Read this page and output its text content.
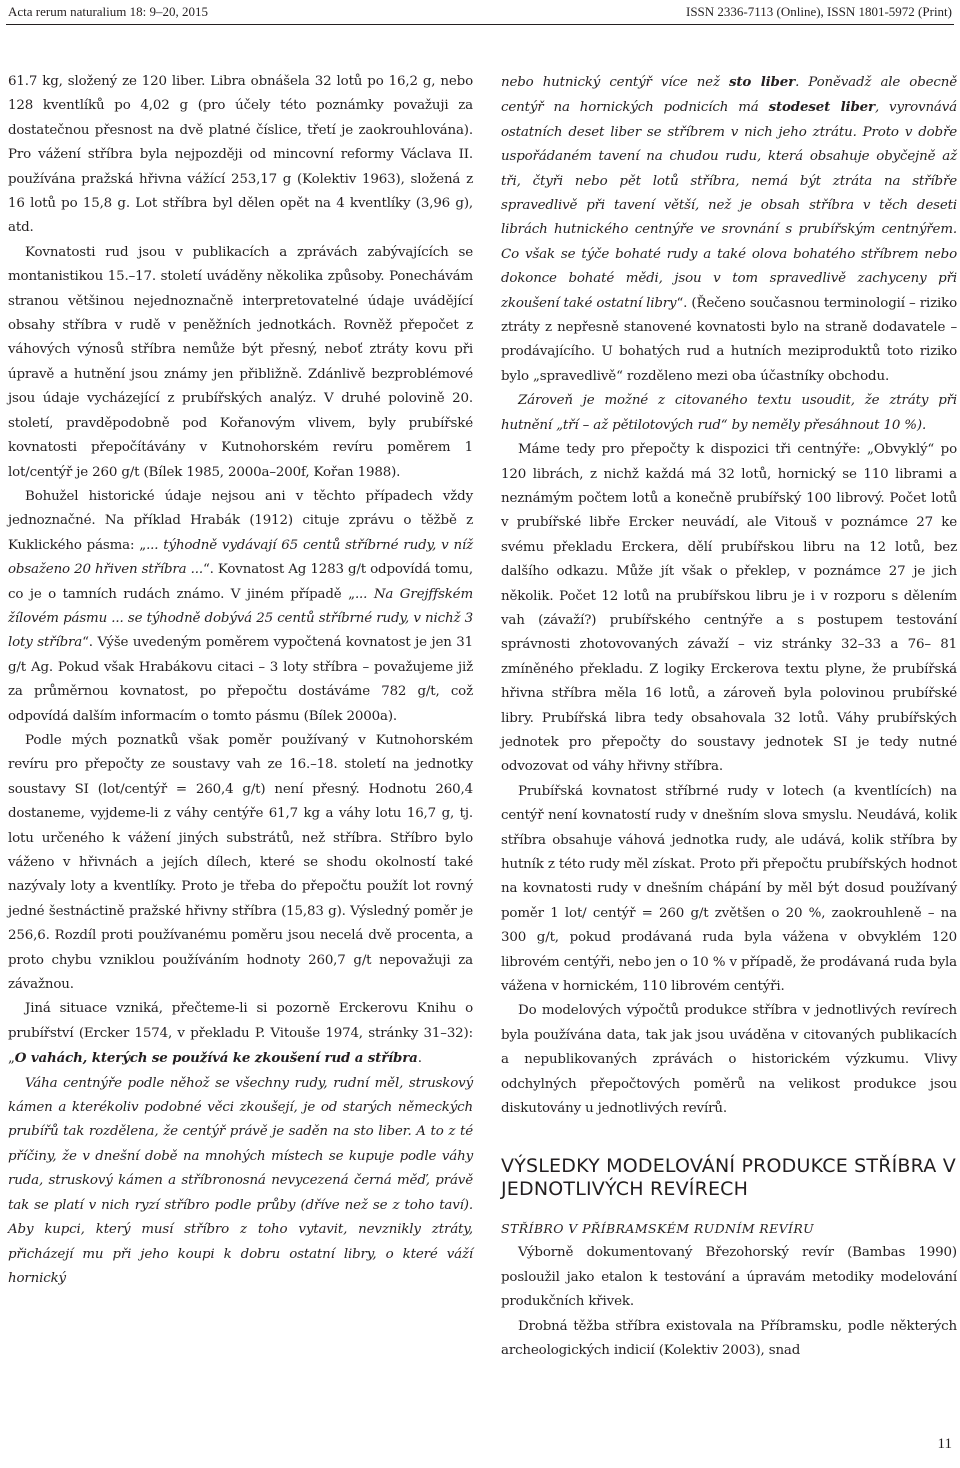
Acta rerum naturalium 18: 9–20, 2015	ISSN 2336-7113 (Online), ISSN 1801-5972 (Print)

61.7 kg, složený ze 120 liber. Libra obnášela 32 lotů po 16,2 g, nebo 128 kventlíků po 4,02 g (pro účely této poznámky považuji za dostatečnou přesnost na dvě platné číslice, třetí je zaokrouhlována). Pro vážení stříbra byla nejpozději od mincovní reformy Václava II. používána pražská hřivna vážící 253,17 g (Kolektiv 1963), složená z 16 lotů po 15,8 g. Lot stříbra byl dělen opět na 4 kventlíky (3,96 g), atd.

Kovnatosti rud jsou v publikacích a zprávách zabývajících se montanistikou 15.–17. století uváděny několika způsoby. Ponechávám stranou většinou nejednoznačně interpretovatelné údaje uvádějící obsahy stříbra v rudě v peněžních jednotkách. Rovněž přepočet z váhových výnosů stříbra nemůže být přesný, neboť ztráty kovu při úpravě a hutnění jsou známy jen přibližně. Zdánlivě bezproblémové jsou údaje vycházející z prubířských analýz. V druhé polovině 20. století, pravděpodobně pod Kořanovým vlivem, byly prubířské kovnatosti přepočítávány v Kutnohorském revíru poměrem 1 lot/centýř je 260 g/t (Bílek 1985, 2000a–200f, Kořan 1988).

Bohužel historické údaje nejsou ani v těchto případech vždy jednoznačné. Na příklad Hrabák (1912) cituje zprávu o těžbě z Kuklického pásma: „... týhodně vydávají 65 centů stříbrné rudy, v níž obsaženo 20 hřiven stříbra ...“. Kovnatost Ag 1283 g/t odpovídá tomu, co je o tamních rudách známo. V jiném případě „... Na Grejffském žílovém pásmu ... se týhodně dobývá 25 centů stříbrné rudy, v nichž 3 loty stříbra“. Výše uvedeným poměrem vypočtená kovnatost je jen 31 g/t Ag. Pokud však Hrabákovu citaci – 3 loty stříbra – považujeme již za průměrnou kovnatost, po přepočtu dostáváme 782 g/t, což odpovídá dalším informacím o tomto pásmu (Bílek 2000a).

Podle mých poznatků však poměr používaný v Kutnohorském revíru pro přepočty ze soustavy vah ze 16.–18. století na jednotky soustavy SI (lot/centýř = 260,4 g/t) není přesný. Hodnotu 260,4 dostaneme, vyjdeme-li z váhy centýře 61,7 kg a váhy lotu 16,7 g, tj. lotu určeného k vážení jiných substrátů, než stříbra. Stříbro bylo váženo v hřivnách a jejích dílech, které se shodu okolností také nazývaly loty a kventlíky. Proto je třeba do přepočtu použít lot rovný jedné šestnáctině pražské hřivny stříbra (15,83 g). Výsledný poměr je 256,6. Rozdíl proti používanému poměru jsou necelá dvě procenta, a proto chybu vzniklou používáním hodnoty 260,7 g/t nepovažuji za závažnou.

Jiná situace vzniká, přečteme-li si pozorně Erckerovu Knihu o prubířství (Ercker 1574, v překladu P. Vitouše 1974, stránky 31–32): „O vahách, kterých se používá ke zkoušení rud a stříbra.

Váha centnýře podle něhož se všechny rudy, rudní měl, struskový kámen a kterékoliv podobné věci zkoušejí, je od starých německých prubířů tak rozdělena, že centýř právě je saděn na sto liber. A to z té příčiny, že v dnešní době na mnohých místech se kupuje podle váhy ruda, struskový kámen a stříbronosná nevycezená černá měď, právě tak se platí v nich ryzí stříbro podle průby (dříve než se z toho taví). Aby kupci, který musí stříbro z toho vytavit, nevznikly ztráty, přicházejí mu při jeho koupi k dobru ostatní libry, o které váží hornický

nebo hutnický centýř více než sto liber. Poněvadž ale obecně centýř na hornických podnicích má stodeset liber, vyrovnává ostatních deset liber se stříbrem v nich jeho ztrátu. Proto v dobře uspořádaném tavení na chudou rudu, která obsahuje obyčejně až tři, čtyři nebo pět lotů stříbra, nemá být ztráta na stříbře spravedlivě při tavení větší, než je obsah stříbra v těch deseti librách hutnického centnýře ve srovnání s prubířským centnýřem. Co však se týče bohaté rudy a také olova bohatého stříbrem nebo dokonce bohaté mědi, jsou v tom spravedlivě zachyceny při zkoušení také ostatní libry“. (Řečeno současnou terminologií – riziko ztráty z nepřesně stanovené kovnatosti bylo na straně dodavatele – prodávajícího. U bohatých rud a hutních meziproduktů toto riziko bylo „spravedlivě“ rozděleno mezi oba účastníky obchodu.

Zároveň je možné z citovaného textu usoudit, že ztráty při hutnění „tří – až pětilotových rud“ by neměly přesáhnout 10 %).

Máme tedy pro přepočty k dispozici tři centnýře: „Obvyklý“ po 120 librách, z nichž každá má 32 lotů, hornický se 110 librami a neznámým počtem lotů a konečně prubířský 100 librový. Počet lotů v prubířské libře Ercker neuvádí, ale Vitouš v poznámce 27 ke svému překladu Erckera, dělí prubířskou libru na 12 lotů, bez dalšího odkazu. Může jít však o překlep, v poznámce 27 je jich několik. Počet 12 lotů na prubířskou libru je i v rozporu s dělením vah (závaží?) prubířského centnýře a s postupem testování správnosti zhotovovaných závaží – viz stránky 32–33 a 76– 81 zmíněného překladu. Z logiky Erckerova textu plyne, že prubířská hřivna stříbra měla 16 lotů, a zároveň byla polovinou prubířské libry. Prubířská libra tedy obsahovala 32 lotů. Váhy prubířských jednotek pro přepočty do soustavy jednotek SI je tedy nutné odvozovat od váhy hřivny stříbra.

Prubířská kovnatost stříbrné rudy v lotech (a kventlících) na centýř není kovnatostí rudy v dnešním slova smyslu. Neudává, kolik stříbra obsahuje váhová jednotka rudy, ale udává, kolik stříbra by hutník z této rudy měl získat. Proto při přepočtu prubířských hodnot na kovnatosti rudy v dnešním chápání by měl být dosud používaný poměr 1 lot/ centýř = 260 g/t zvětšen o 20 %, zaokrouhleně – na 300 g/t, pokud prodávaná ruda byla vážena v obvyklém 120 librovém centýři, nebo jen o 10 % v případě, že prodávaná ruda byla vážena v hornickém, 110 librovém centýři.

Do modelových výpočtů produkce stříbra v jednotlivých revírech byla používána data, tak jak jsou uváděna v citovaných publikacích a nepublikovaných zprávách o historickém výzkumu. Vlivy odchylných přepočtových poměrů na velikost produkce jsou diskutovány u jednotlivých revírů.

VÝSLEDKY MODELOVÁNÍ PRODUKCE STŘÍBRA V JEDNOTLIVÝCH REVÍRECH
STŘÍBRO V PŘÍBRAMSKÉM RUDNÍM REVÍRU

Výborně dokumentovaný Březohorský revír (Bambas 1990) posloužil jako etalon k testování a úpravám metodiky modelování produkčních křivek.

Drobná těžba stříbra existovala na Příbramsku, podle některých archeologických indicií (Kolektiv 2003), snad

11
